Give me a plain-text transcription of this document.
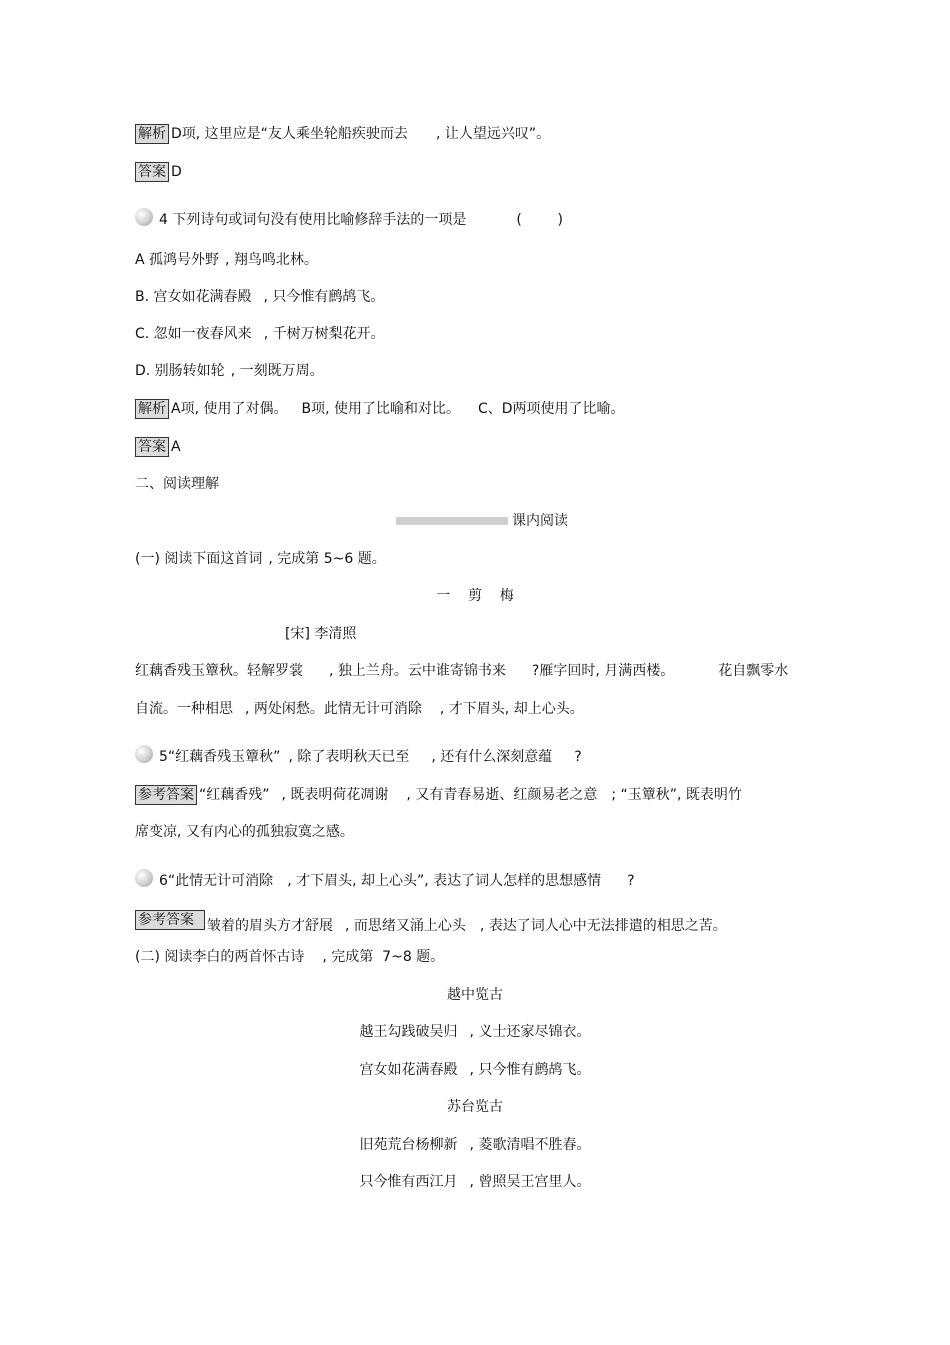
解析 D项, 这里应是“友人乘坐轮船疾驶而去 , 让人望远兴叹”。
答案 D
4 下列诗句或词句没有使用比喻修辞手法的一项是	(        )
A 孤鸿号外野 , 翔鸟鸣北林。
B. 宫女如花满春殿 , 只今惟有鹧鸪飞。
C. 忽如一夜春风来 , 千树万树梨花开。
D. 别肠转如轮 , 一刻既万周。
解析 A项, 使用了对偶。 B项, 使用了比喻和对比。 C、D两项使用了比喻。
答案 A
二、阅读理解
课内阅读
(一) 阅读下面这首词 , 完成第 5~6 题。
一    剪    梅
[宋] 李清照
红藕香残玉簟秋。轻解罗裳 , 独上兰舟。云中谁寄锦书来 ?雁字回时, 月满西楼。	花自飘零水
自流。一种相思 , 两处闲愁。此情无计可消除 , 才下眉头, 却上心头。
5“红藕香残玉簟秋” , 除了表明秋天已至 , 还有什么深刻意蕴 ?
参考答案 “红藕香残” , 既表明荷花凋谢 , 又有青春易逝、红颜易老之意 ; “玉簟秋”, 既表明竹
席变凉, 又有内心的孤独寂寞之感。
6“此情无计可消除 , 才下眉头, 却上心头”, 表达了词人怎样的思想感情 ?
参考答案 皱着的眉头方才舒展 , 而思绪又涌上心头 , 表达了词人心中无法排遣的相思之苦。
(二) 阅读李白的两首怀古诗 , 完成第  7~8 题。
越中览古
越王勾践破吴归 , 义士还家尽锦衣。
宫女如花满春殿 , 只今惟有鹧鸪飞。
苏台览古
旧苑荒台杨柳新 , 菱歌清唱不胜春。
只今惟有西江月 , 曾照吴王宫里人。
